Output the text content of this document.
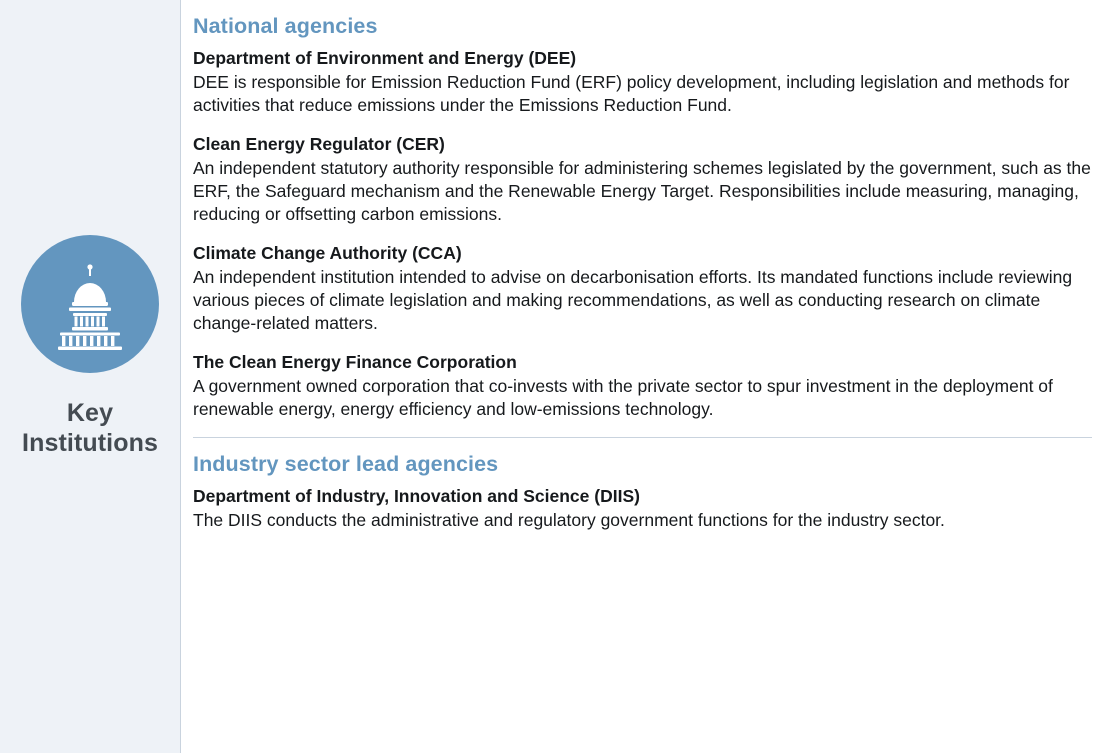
Key
Institutions
National agencies

Department of Environment and Energy (DEE)

DEE is responsible for Emission Reduction Fund (ERF) policy development, including legislation and methods for activities that reduce emissions under the Emissions Reduction Fund.

Clean Energy Regulator (CER)

An independent statutory authority responsible for administering schemes legislated by the government, such as the ERF, the Safeguard mechanism and the Renewable Energy Target. Responsibilities include measuring, managing, reducing or offsetting carbon emissions.

Climate Change Authority (CCA)

An independent institution intended to advise on decarbonisation efforts. Its mandated functions include reviewing various pieces of climate legislation and making recommendations, as well as conducting research on climate change-related matters.

The Clean Energy Finance Corporation

A government owned corporation that co-invests with the private sector to spur investment in the deployment of renewable energy, energy efficiency and low-emissions technology.

Industry sector lead agencies

Department of Industry, Innovation and Science (DIIS)

The DIIS conducts the administrative and regulatory government functions for the industry sector.
